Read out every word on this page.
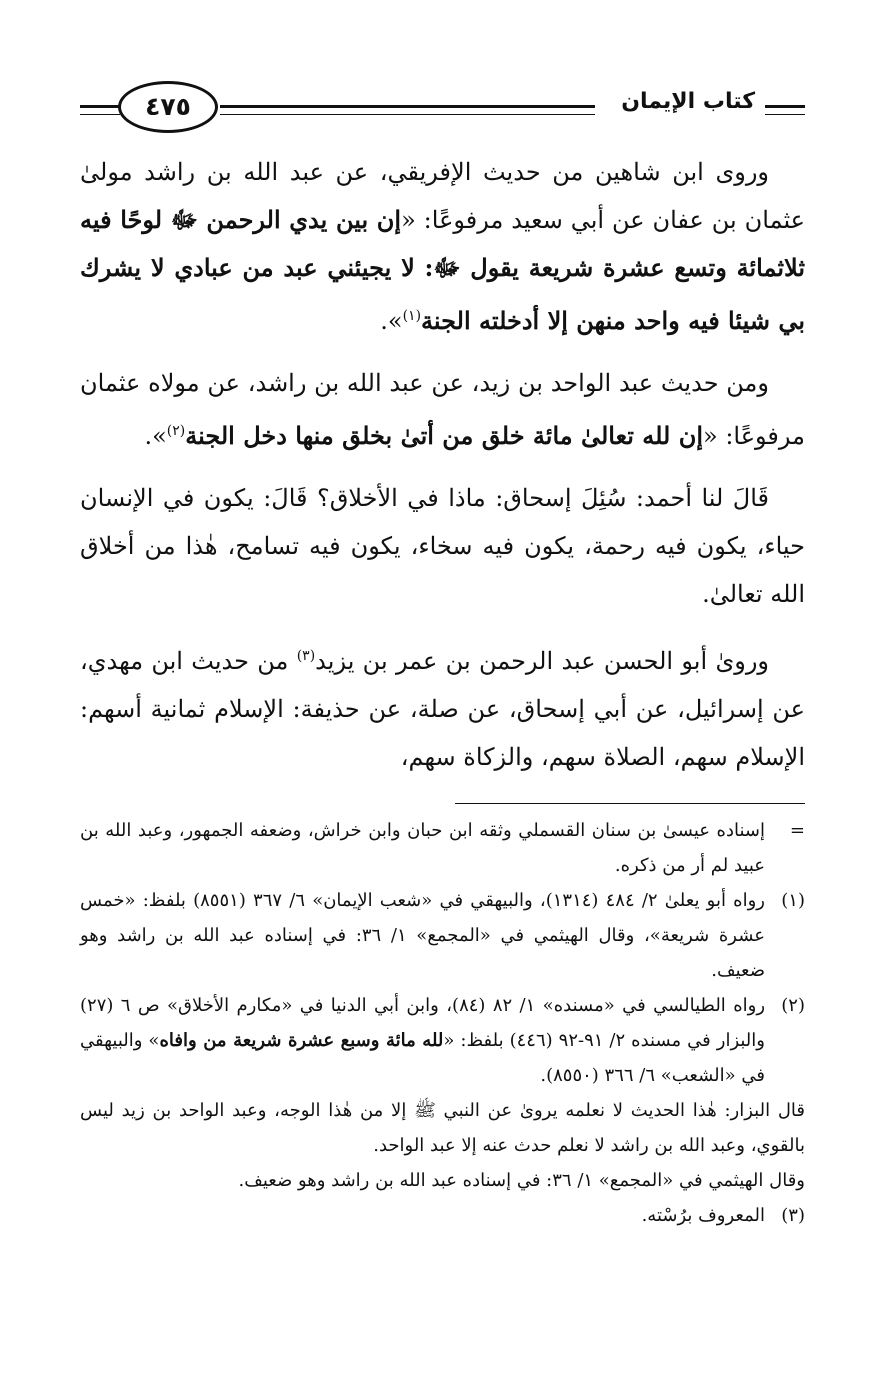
كتاب الإيمان
٤٧٥

وروى ابن شاهين من حديث الإفريقي، عن عبد الله بن راشد مولىٰ عثمان بن عفان عن أبي سعيد مرفوعًا: «إن بين يدي الرحمن ﷻ لوحًا فيه ثلاثمائة وتسع عشرة شريعة يقول ﷻ: لا يجيئني عبد من عبادي لا يشرك بي شيئا فيه واحد منهن إلا أدخلته الجنة$^{(١)}$».

ومن حديث عبد الواحد بن زيد، عن عبد الله بن راشد، عن مولاه عثمان مرفوعًا: «إن لله تعالىٰ مائة خلق من أتىٰ بخلق منها دخل الجنة$^{(٢)}$».

قَالَ لنا أحمد: سُئِلَ إسحاق: ماذا في الأخلاق؟ قَالَ: يكون في الإنسان حياء، يكون فيه رحمة، يكون فيه سخاء، يكون فيه تسامح، هٰذا من أخلاق الله تعالىٰ.

ورویٰ أبو الحسن عبد الرحمن بن عمر بن يزيد$^{(٣)}$ من حديث ابن مهدي، عن إسرائيل، عن أبي إسحاق، عن صلة، عن حذيفة: الإسلام ثمانية أسهم: الإسلام سهم، الصلاة سهم، والزكاة سهم،

=
إسناده عيسىٰ بن سنان القسملي وثقه ابن حبان وابن خراش، وضعفه الجمهور، وعبد الله بن عبيد لم أر من ذكره.

(١)
رواه أبو يعلىٰ ٢/ ٤٨٤ (١٣١٤)، والبيهقي في «شعب الإيمان» ٦/ ٣٦٧ (٨٥٥١) بلفظ: «خمس عشرة شريعة»، وقال الهيثمي في «المجمع» ١/ ٣٦: في إسناده عبد الله بن راشد وهو ضعيف.

(٢)
رواه الطيالسي في «مسنده» ١/ ٨٢ (٨٤)، وابن أبي الدنيا في «مكارم الأخلاق» ص ٦ (٢٧) والبزار في مسنده ٢/ ٩١-٩٢ (٤٤٦) بلفظ: «لله مائة وسبع عشرة شريعة من وافاه» والبيهقي في «الشعب» ٦/ ٣٦٦ (٨٥٥٠).

قال البزار: هٰذا الحديث لا نعلمه يرویٰ عن النبي ﷺ إلا من هٰذا الوجه، وعبد الواحد بن زيد ليس بالقوي، وعبد الله بن راشد لا نعلم حدث عنه إلا عبد الواحد.

وقال الهيثمي في «المجمع» ١/ ٣٦: في إسناده عبد الله بن راشد وهو ضعيف.

(٣)
المعروف برُسْته.
